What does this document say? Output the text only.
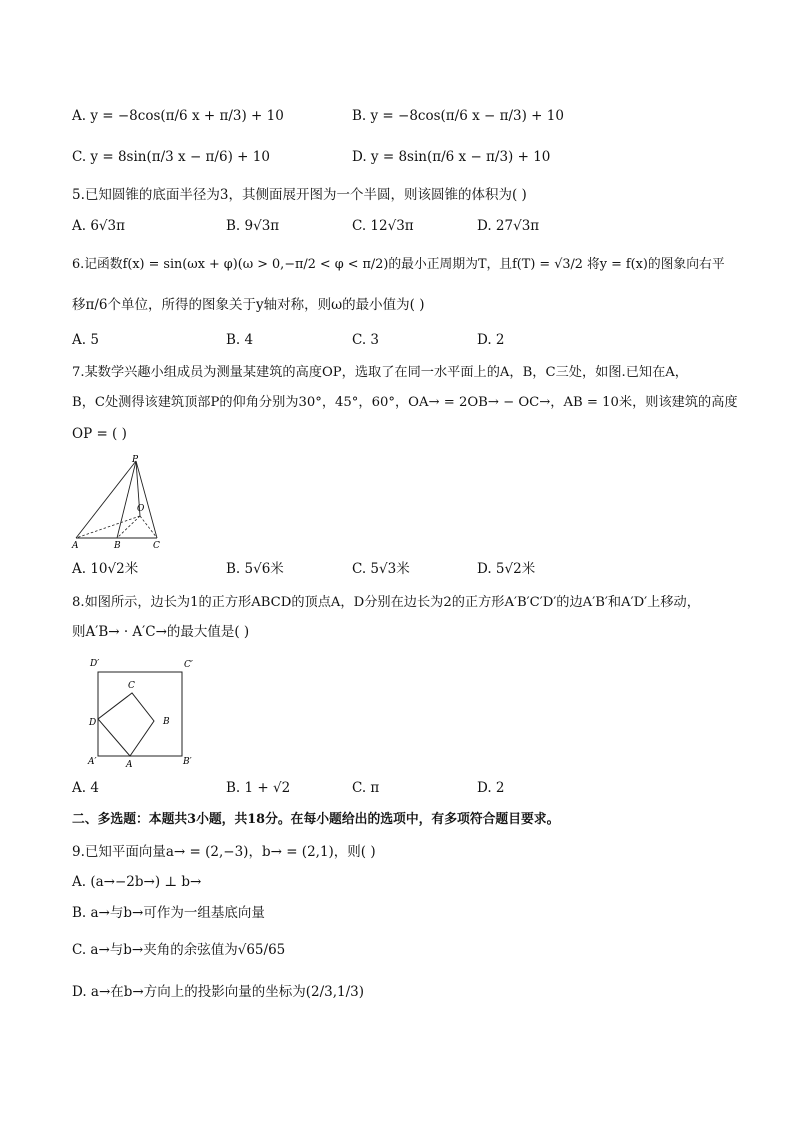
A. y = −8cos(π/6 x + π/3) + 10	B. y = −8cos(π/6 x − π/3) + 10
C. y = 8sin(π/3 x − π/6) + 10	D. y = 8sin(π/6 x − π/3) + 10
5.已知圆锥的底面半径为3，其侧面展开图为一个半圆，则该圆锥的体积为( )
A. 6√3π	B. 9√3π	C. 12√3π	D. 27√3π
6.记函数f(x) = sin(ωx + φ)(ω > 0,−π/2 < φ < π/2)的最小正周期为T，且f(T) = √3/2 将y = f(x)的图象向右平
移π/6个单位，所得的图象关于y轴对称，则ω的最小值为( )
A. 5	B. 4	C. 3	D. 2
7.某数学兴趣小组成员为测量某建筑的高度OP，选取了在同一水平面上的A，B，C三处，如图.已知在A，
B，C处测得该建筑顶部P的仰角分别为30°，45°，60°，OA→ = 2OB→ − OC→，AB = 10米，则该建筑的高度
OP = ( )
P
O
A	B	C
A. 10√2米	B. 5√6米	C. 5√3米	D. 5√2米
8.如图所示，边长为1的正方形ABCD的顶点A，D分别在边长为2的正方形A′B′C′D′的边A′B′和A′D′上移动，
则A′B→ · A′C→的最大值是( )
D′	C′
A′	B′
A
B
C
D
A. 4	B. 1 + √2	C. π	D. 2
二、多选题：本题共3小题，共18分。在每小题给出的选项中，有多项符合题目要求。
9.已知平面向量a→ = (2,−3)，b→ = (2,1)，则( )
A. (a→−2b→) ⊥ b→
B. a→与b→可作为一组基底向量
C. a→与b→夹角的余弦值为√65/65
D. a→在b→方向上的投影向量的坐标为(2/3,1/3)
